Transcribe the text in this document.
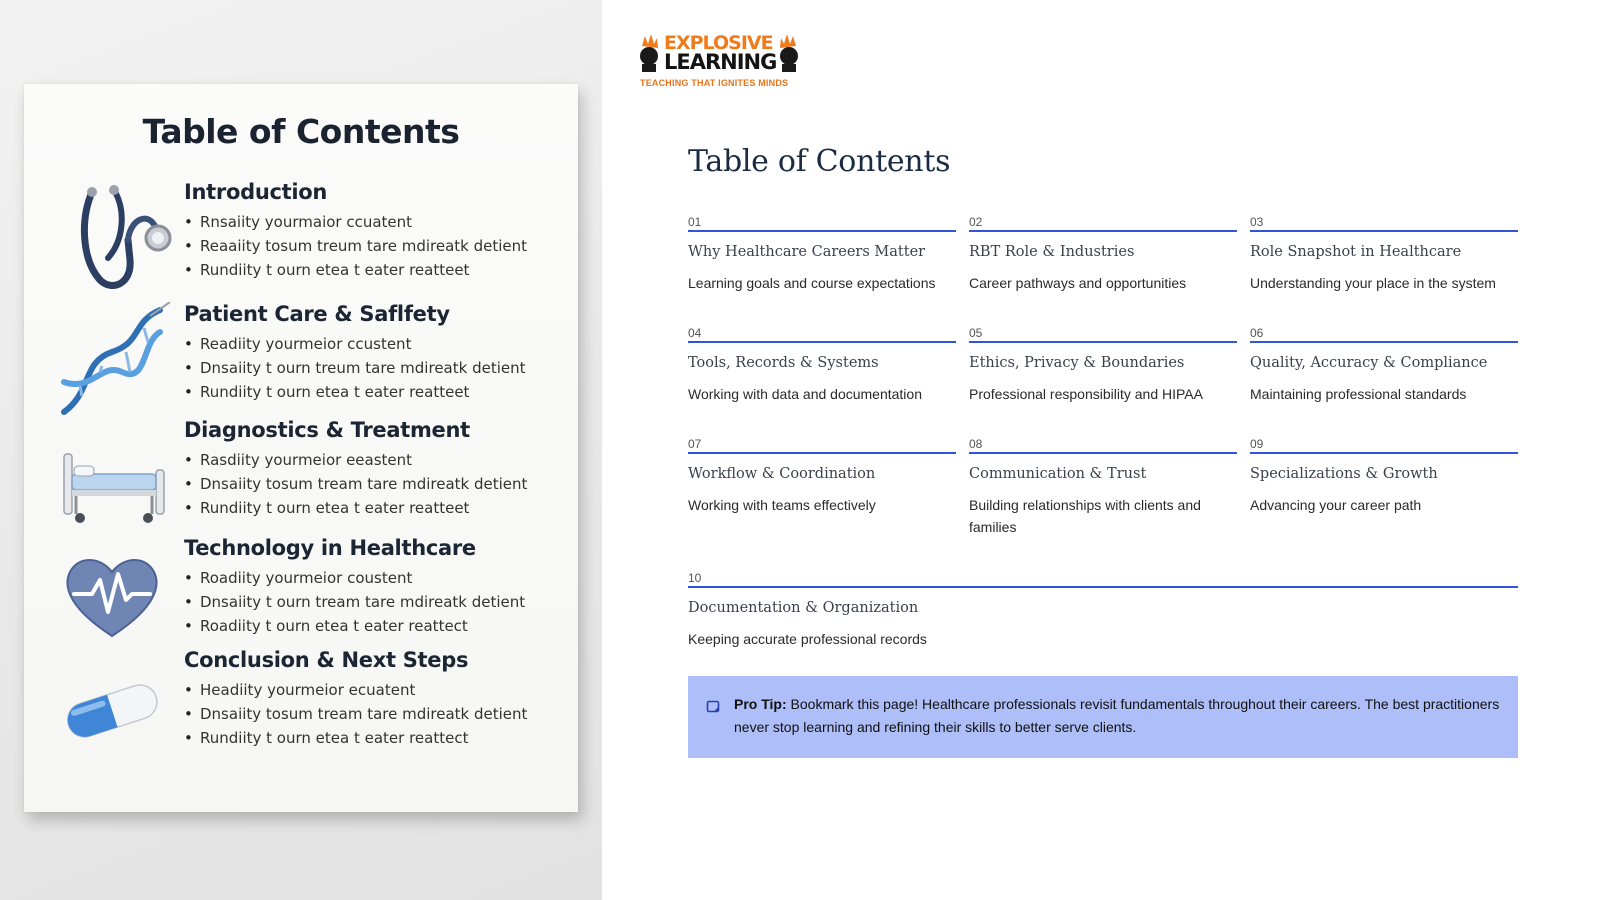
Table of Contents
Introduction
• Rnsaiity yourmaior ccuatent
• Reaaiity tosum treum tare mdireatk detient
• Rundiity t ourn etea t eater reatteet
Patient Care & Saflfety
• Readiity yourmeior ccustent
• Dnsaiity t ourn treum tare mdireatk detient
• Rundiity t ourn etea t eater reatteet
Diagnostics & Treatment
• Rasdiity yourmeior eeastent
• Dnsaiity tosum tream tare mdireatk detient
• Rundiity t ourn etea t eater reatteet
Technology in Healthcare
• Roadiity yourmeior coustent
• Dnsaiity t ourn tream tare mdireatk detient
• Roadiity t ourn etea t eater reattect
Conclusion & Next Steps
• Headiity yourmeior ecuatent
• Dnsaiity tosum tream tare mdireatk detient
• Rundiity t ourn etea t eater reattect
EXPLOSIVE
LEARNING
TEACHING THAT IGNITES MINDS
Table of Contents
01
Why Healthcare Careers Matter
Learning goals and course expectations
02
RBT Role & Industries
Career pathways and opportunities
03
Role Snapshot in Healthcare
Understanding your place in the system
04
Tools, Records & Systems
Working with data and documentation
05
Ethics, Privacy & Boundaries
Professional responsibility and HIPAA
06
Quality, Accuracy & Compliance
Maintaining professional standards
07
Workflow & Coordination
Working with teams effectively
08
Communication & Trust
Building relationships with clients and families
09
Specializations & Growth
Advancing your career path
10
Documentation & Organization
Keeping accurate professional records

Pro Tip: Bookmark this page! Healthcare professionals revisit fundamentals throughout their careers. The best practitioners never stop learning and refining their skills to better serve clients.
